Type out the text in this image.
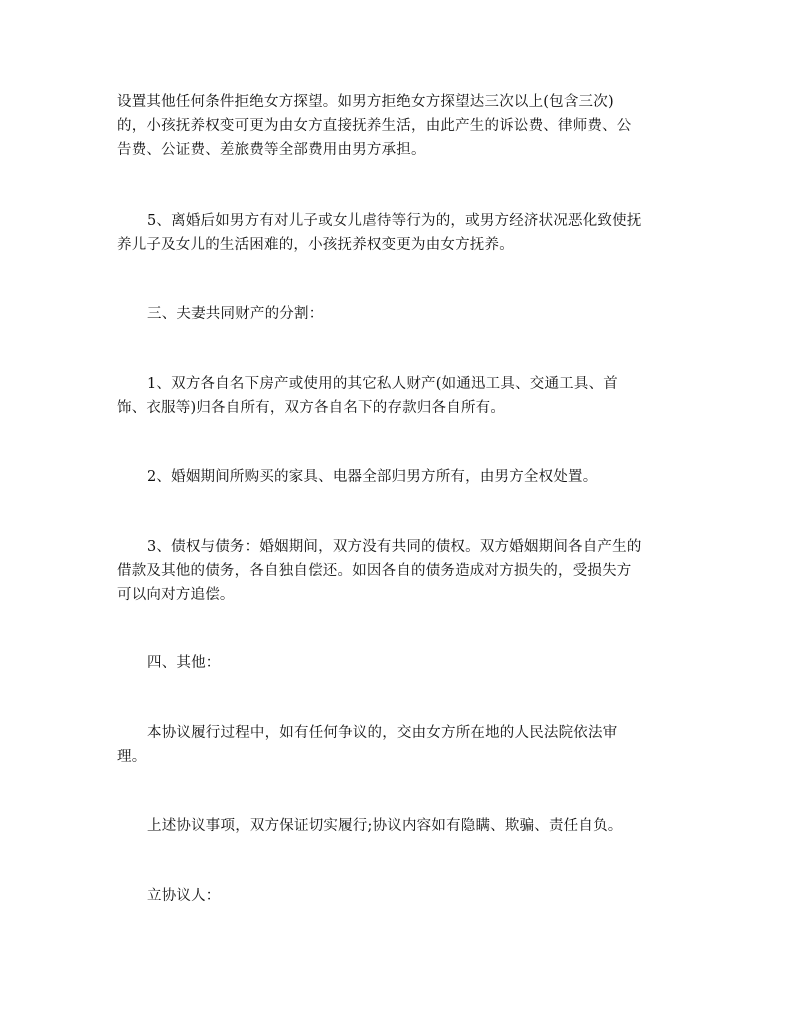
设置其他任何条件拒绝女方探望。如男方拒绝女方探望达三次以上(包含三次)
的，小孩抚养权变可更为由女方直接抚养生活，由此产生的诉讼费、律师费、公
告费、公证费、差旅费等全部费用由男方承担。
5、离婚后如男方有对儿子或女儿虐待等行为的，或男方经济状况恶化致使抚
养儿子及女儿的生活困难的，小孩抚养权变更为由女方抚养。
三、夫妻共同财产的分割：
1、双方各自名下房产或使用的其它私人财产(如通迅工具、交通工具、首
饰、衣服等)归各自所有，双方各自名下的存款归各自所有。
2、婚姻期间所购买的家具、电器全部归男方所有，由男方全权处置。
3、债权与债务：婚姻期间，双方没有共同的债权。双方婚姻期间各自产生的
借款及其他的债务，各自独自偿还。如因各自的债务造成对方损失的，受损失方
可以向对方追偿。
四、其他：
本协议履行过程中，如有任何争议的，交由女方所在地的人民法院依法审
理。
上述协议事项，双方保证切实履行;协议内容如有隐瞒、欺骗、责任自负。
立协议人：
